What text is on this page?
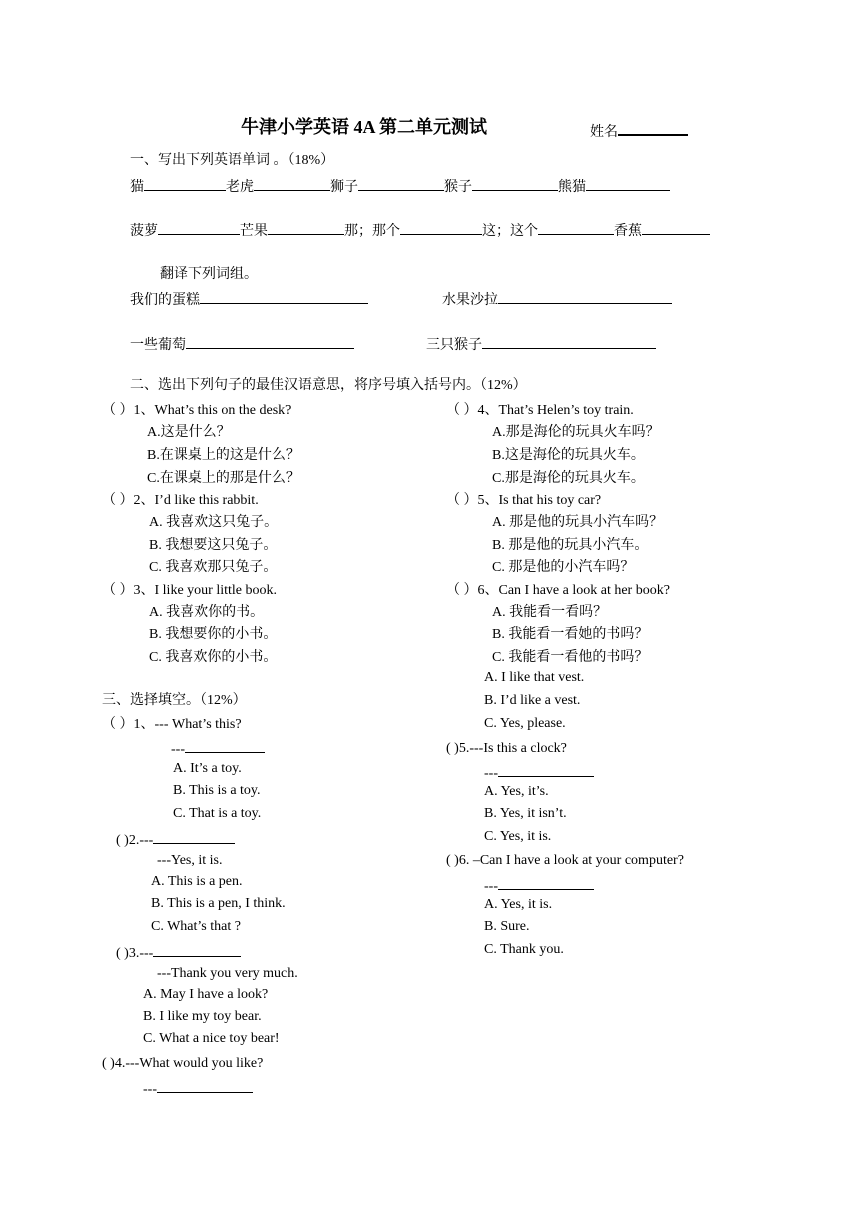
牛津小学英语 4A 第二单元测试	姓名
一、写出下列英语单词 。（18%）
猫	老虎	狮子	猴子	熊猫
菠萝	芒果	那；那个	这；这个	香蕉
翻译下列词组。
我们的蛋糕	水果沙拉
一些葡萄	三只猴子
二、选出下列句子的最佳汉语意思，将序号填入括号内。（12%）
（ ）1、What’s this on the desk?
A.这是什么？
B.在课桌上的这是什么？
C.在课桌上的那是什么？
（ ）2、I’d like this rabbit.
A. 我喜欢这只兔子。
B. 我想要这只兔子。
C. 我喜欢那只兔子。
（ ）3、I like your little book.
A. 我喜欢你的书。
B. 我想要你的小书。
C. 我喜欢你的小书。
（ ）4、That’s Helen’s toy train.
A.那是海伦的玩具火车吗？
B.这是海伦的玩具火车。
C.那是海伦的玩具火车。
（ ）5、Is that his toy car?
A. 那是他的玩具小汽车吗？
B. 那是他的玩具小汽车。
C. 那是他的小汽车吗？
（ ）6、Can I have a look at her book?
A. 我能看一看吗？
B. 我能看一看她的书吗？
C. 我能看一看他的书吗？
三、选择填空。（12%）
（ ）1、--- What’s this?
---
A. It’s a toy.
B. This is a toy.
C. That is a toy.
( )2.---
---Yes, it is.
A. This is a pen.
B. This is a pen, I think.
C. What’s that ?
( )3.---
---Thank you very much.
A. May I have a look?
B. I like my toy bear.
C. What a nice toy bear!
( )4.---What would you like?
---
A. I like that vest.
B. I’d like a vest.
C. Yes, please.
( )5.---Is this a clock?
---
A. Yes, it’s.
B. Yes, it isn’t.
C. Yes, it is.
( )6. –Can I have a look at your computer?
---
A. Yes, it is.
B. Sure.
C. Thank you.
